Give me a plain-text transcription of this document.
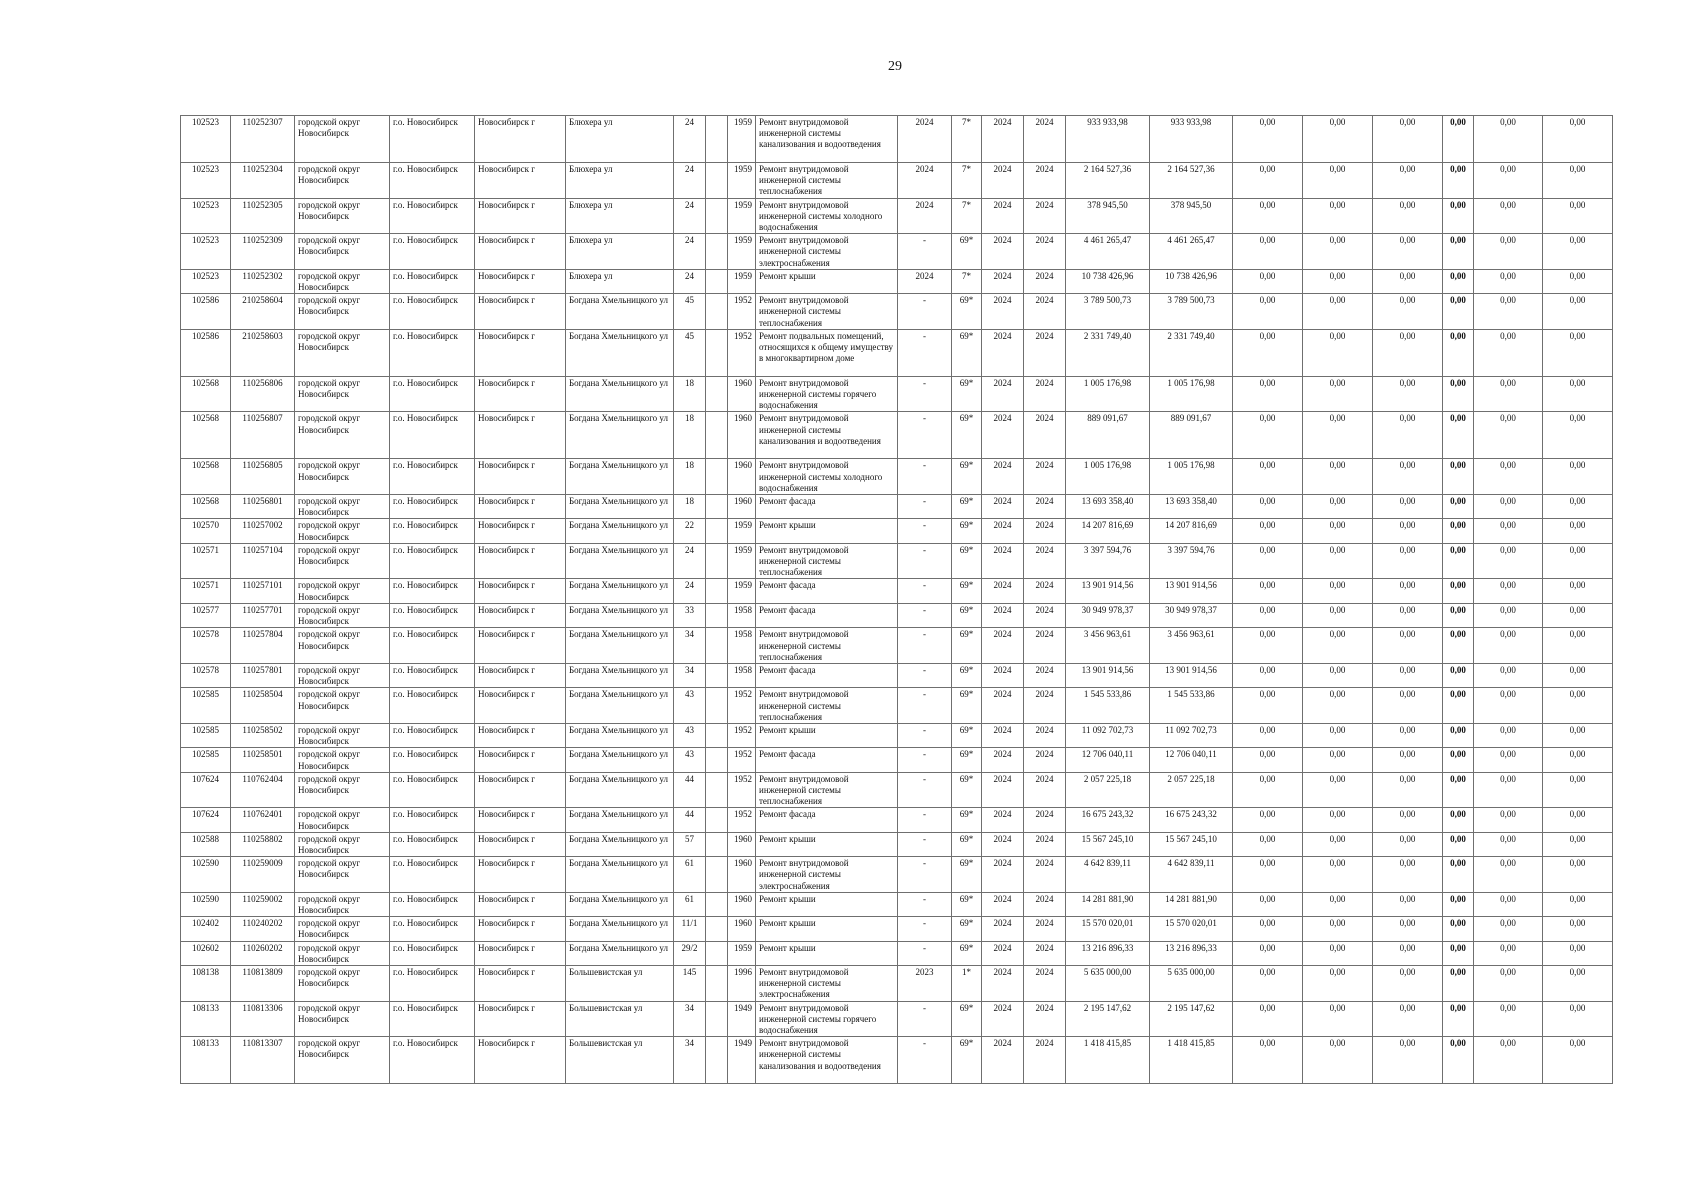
29
102523	110252307	городской округ Новосибирск	г.о. Новосибирск	Новосибирск г	Блюхера ул	24		1959	Ремонт внутридомовой инженерной системы канализования и водоотведения	2024	7*	2024	2024	933 933,98	933 933,98	0,00	0,00	0,00	0,00	0,00	0,00
102523	110252304	городской округ Новосибирск	г.о. Новосибирск	Новосибирск г	Блюхера ул	24		1959	Ремонт внутридомовой инженерной системы теплоснабжения	2024	7*	2024	2024	2 164 527,36	2 164 527,36	0,00	0,00	0,00	0,00	0,00	0,00
102523	110252305	городской округ Новосибирск	г.о. Новосибирск	Новосибирск г	Блюхера ул	24		1959	Ремонт внутридомовой инженерной системы холодного водоснабжения	2024	7*	2024	2024	378 945,50	378 945,50	0,00	0,00	0,00	0,00	0,00	0,00
102523	110252309	городской округ Новосибирск	г.о. Новосибирск	Новосибирск г	Блюхера ул	24		1959	Ремонт внутридомовой инженерной системы электроснабжения	-	69*	2024	2024	4 461 265,47	4 461 265,47	0,00	0,00	0,00	0,00	0,00	0,00
102523	110252302	городской округ Новосибирск	г.о. Новосибирск	Новосибирск г	Блюхера ул	24		1959	Ремонт крыши	2024	7*	2024	2024	10 738 426,96	10 738 426,96	0,00	0,00	0,00	0,00	0,00	0,00
102586	210258604	городской округ Новосибирск	г.о. Новосибирск	Новосибирск г	Богдана Хмельницкого ул	45		1952	Ремонт внутридомовой инженерной системы теплоснабжения	-	69*	2024	2024	3 789 500,73	3 789 500,73	0,00	0,00	0,00	0,00	0,00	0,00
102586	210258603	городской округ Новосибирск	г.о. Новосибирск	Новосибирск г	Богдана Хмельницкого ул	45		1952	Ремонт подвальных помещений, относящихся к общему имуществу в многоквартирном доме	-	69*	2024	2024	2 331 749,40	2 331 749,40	0,00	0,00	0,00	0,00	0,00	0,00
102568	110256806	городской округ Новосибирск	г.о. Новосибирск	Новосибирск г	Богдана Хмельницкого ул	18		1960	Ремонт внутридомовой инженерной системы горячего водоснабжения	-	69*	2024	2024	1 005 176,98	1 005 176,98	0,00	0,00	0,00	0,00	0,00	0,00
102568	110256807	городской округ Новосибирск	г.о. Новосибирск	Новосибирск г	Богдана Хмельницкого ул	18		1960	Ремонт внутридомовой инженерной системы канализования и водоотведения	-	69*	2024	2024	889 091,67	889 091,67	0,00	0,00	0,00	0,00	0,00	0,00
102568	110256805	городской округ Новосибирск	г.о. Новосибирск	Новосибирск г	Богдана Хмельницкого ул	18		1960	Ремонт внутридомовой инженерной системы холодного водоснабжения	-	69*	2024	2024	1 005 176,98	1 005 176,98	0,00	0,00	0,00	0,00	0,00	0,00
102568	110256801	городской округ Новосибирск	г.о. Новосибирск	Новосибирск г	Богдана Хмельницкого ул	18		1960	Ремонт фасада	-	69*	2024	2024	13 693 358,40	13 693 358,40	0,00	0,00	0,00	0,00	0,00	0,00
102570	110257002	городской округ Новосибирск	г.о. Новосибирск	Новосибирск г	Богдана Хмельницкого ул	22		1959	Ремонт крыши	-	69*	2024	2024	14 207 816,69	14 207 816,69	0,00	0,00	0,00	0,00	0,00	0,00
102571	110257104	городской округ Новосибирск	г.о. Новосибирск	Новосибирск г	Богдана Хмельницкого ул	24		1959	Ремонт внутридомовой инженерной системы теплоснабжения	-	69*	2024	2024	3 397 594,76	3 397 594,76	0,00	0,00	0,00	0,00	0,00	0,00
102571	110257101	городской округ Новосибирск	г.о. Новосибирск	Новосибирск г	Богдана Хмельницкого ул	24		1959	Ремонт фасада	-	69*	2024	2024	13 901 914,56	13 901 914,56	0,00	0,00	0,00	0,00	0,00	0,00
102577	110257701	городской округ Новосибирск	г.о. Новосибирск	Новосибирск г	Богдана Хмельницкого ул	33		1958	Ремонт фасада	-	69*	2024	2024	30 949 978,37	30 949 978,37	0,00	0,00	0,00	0,00	0,00	0,00
102578	110257804	городской округ Новосибирск	г.о. Новосибирск	Новосибирск г	Богдана Хмельницкого ул	34		1958	Ремонт внутридомовой инженерной системы теплоснабжения	-	69*	2024	2024	3 456 963,61	3 456 963,61	0,00	0,00	0,00	0,00	0,00	0,00
102578	110257801	городской округ Новосибирск	г.о. Новосибирск	Новосибирск г	Богдана Хмельницкого ул	34		1958	Ремонт фасада	-	69*	2024	2024	13 901 914,56	13 901 914,56	0,00	0,00	0,00	0,00	0,00	0,00
102585	110258504	городской округ Новосибирск	г.о. Новосибирск	Новосибирск г	Богдана Хмельницкого ул	43		1952	Ремонт внутридомовой инженерной системы теплоснабжения	-	69*	2024	2024	1 545 533,86	1 545 533,86	0,00	0,00	0,00	0,00	0,00	0,00
102585	110258502	городской округ Новосибирск	г.о. Новосибирск	Новосибирск г	Богдана Хмельницкого ул	43		1952	Ремонт крыши	-	69*	2024	2024	11 092 702,73	11 092 702,73	0,00	0,00	0,00	0,00	0,00	0,00
102585	110258501	городской округ Новосибирск	г.о. Новосибирск	Новосибирск г	Богдана Хмельницкого ул	43		1952	Ремонт фасада	-	69*	2024	2024	12 706 040,11	12 706 040,11	0,00	0,00	0,00	0,00	0,00	0,00
107624	110762404	городской округ Новосибирск	г.о. Новосибирск	Новосибирск г	Богдана Хмельницкого ул	44		1952	Ремонт внутридомовой инженерной системы теплоснабжения	-	69*	2024	2024	2 057 225,18	2 057 225,18	0,00	0,00	0,00	0,00	0,00	0,00
107624	110762401	городской округ Новосибирск	г.о. Новосибирск	Новосибирск г	Богдана Хмельницкого ул	44		1952	Ремонт фасада	-	69*	2024	2024	16 675 243,32	16 675 243,32	0,00	0,00	0,00	0,00	0,00	0,00
102588	110258802	городской округ Новосибирск	г.о. Новосибирск	Новосибирск г	Богдана Хмельницкого ул	57		1960	Ремонт крыши	-	69*	2024	2024	15 567 245,10	15 567 245,10	0,00	0,00	0,00	0,00	0,00	0,00
102590	110259009	городской округ Новосибирск	г.о. Новосибирск	Новосибирск г	Богдана Хмельницкого ул	61		1960	Ремонт внутридомовой инженерной системы электроснабжения	-	69*	2024	2024	4 642 839,11	4 642 839,11	0,00	0,00	0,00	0,00	0,00	0,00
102590	110259002	городской округ Новосибирск	г.о. Новосибирск	Новосибирск г	Богдана Хмельницкого ул	61		1960	Ремонт крыши	-	69*	2024	2024	14 281 881,90	14 281 881,90	0,00	0,00	0,00	0,00	0,00	0,00
102402	110240202	городской округ Новосибирск	г.о. Новосибирск	Новосибирск г	Богдана Хмельницкого ул	11/1		1960	Ремонт крыши	-	69*	2024	2024	15 570 020,01	15 570 020,01	0,00	0,00	0,00	0,00	0,00	0,00
102602	110260202	городской округ Новосибирск	г.о. Новосибирск	Новосибирск г	Богдана Хмельницкого ул	29/2		1959	Ремонт крыши	-	69*	2024	2024	13 216 896,33	13 216 896,33	0,00	0,00	0,00	0,00	0,00	0,00
108138	110813809	городской округ Новосибирск	г.о. Новосибирск	Новосибирск г	Большевистская ул	145		1996	Ремонт внутридомовой инженерной системы электроснабжения	2023	1*	2024	2024	5 635 000,00	5 635 000,00	0,00	0,00	0,00	0,00	0,00	0,00
108133	110813306	городской округ Новосибирск	г.о. Новосибирск	Новосибирск г	Большевистская ул	34		1949	Ремонт внутридомовой инженерной системы горячего водоснабжения	-	69*	2024	2024	2 195 147,62	2 195 147,62	0,00	0,00	0,00	0,00	0,00	0,00
108133	110813307	городской округ Новосибирск	г.о. Новосибирск	Новосибирск г	Большевистская ул	34		1949	Ремонт внутридомовой инженерной системы канализования и водоотведения	-	69*	2024	2024	1 418 415,85	1 418 415,85	0,00	0,00	0,00	0,00	0,00	0,00
